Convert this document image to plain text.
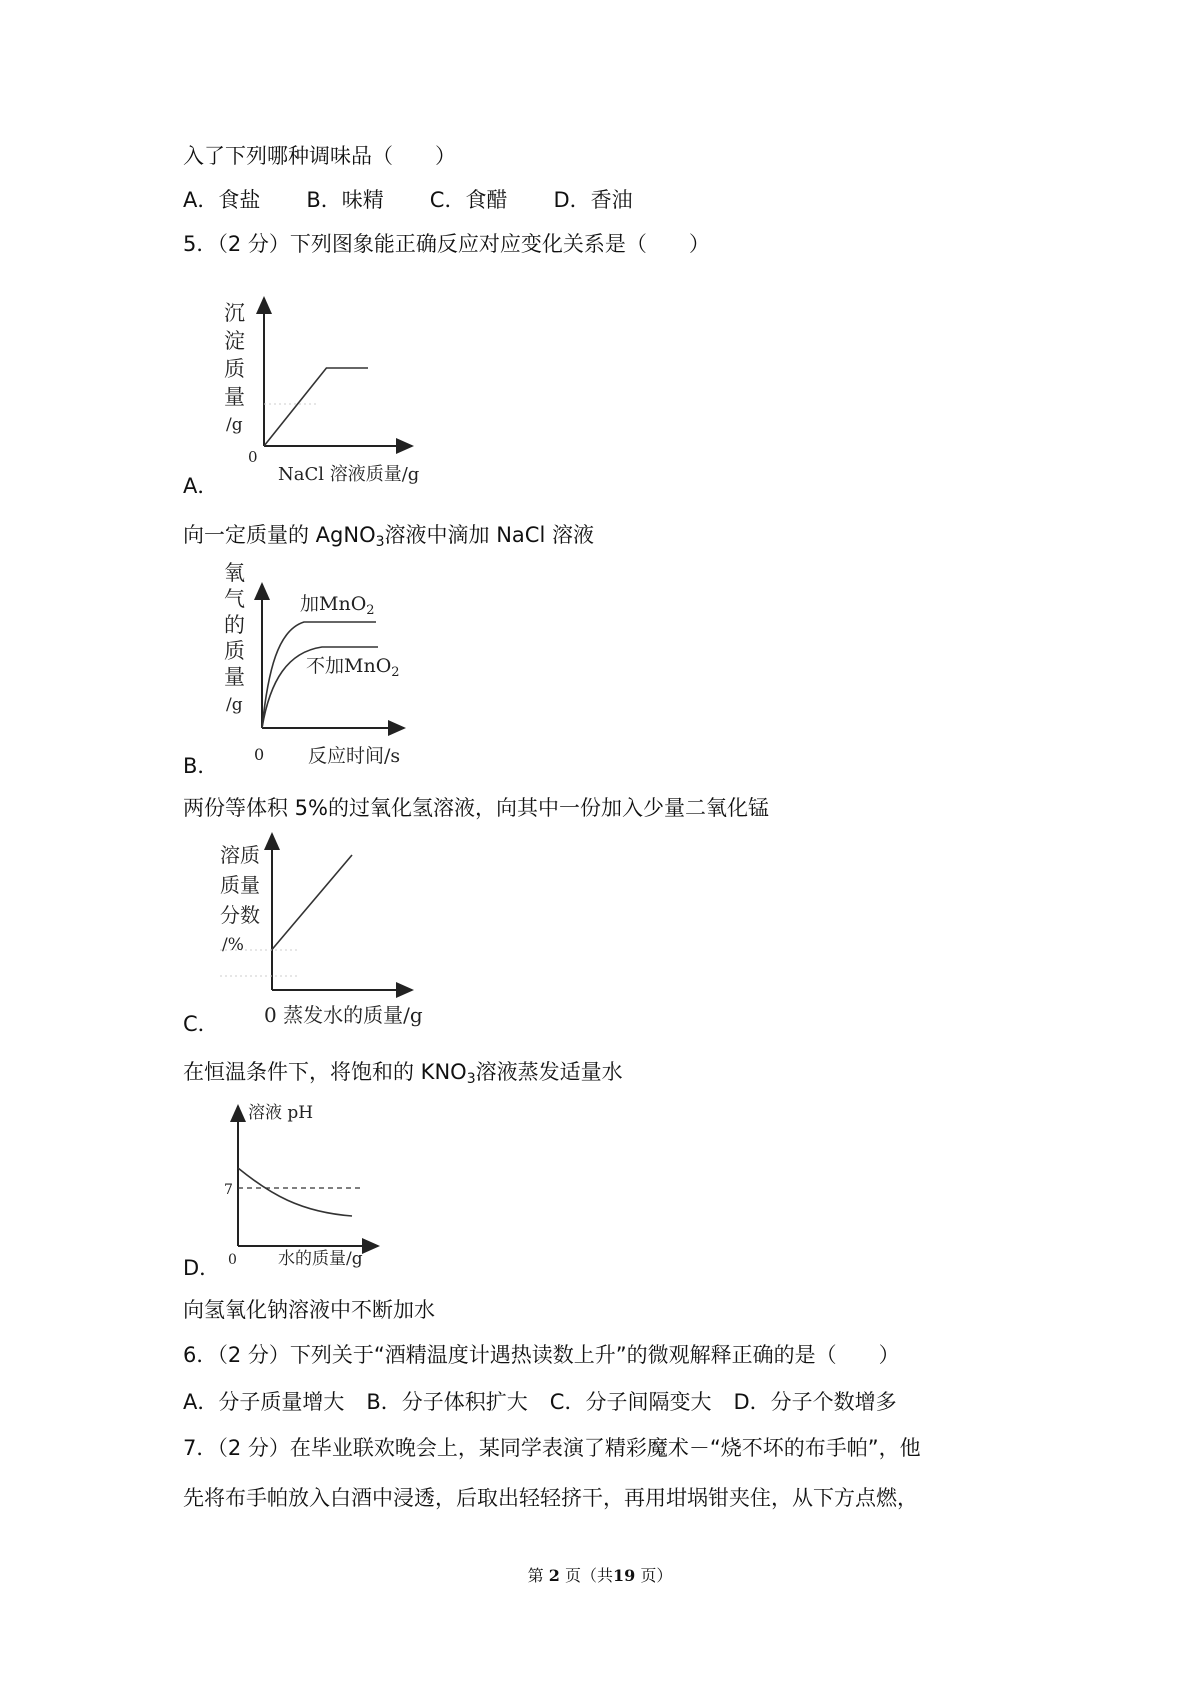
入了下列哪种调味品（　　）
A．食盐 B．味精 C．食醋 D．香油
5．（2 分）下列图象能正确反应对应变化关系是（　　）
沉
淀
质
量
/g
0
NaCl 溶液质量/g
A．
向一定质量的 AgNO$_3$溶液中滴加 NaCl 溶液
氧
气
的
质
量
/g
加MnO$_2$
不加MnO$_2$
0 反应时间/s
B．
两份等体积 5%的过氧化氢溶液，向其中一份加入少量二氧化锰
溶质
质量
分数
/%
0 蒸发水的质量/g
C．
在恒温条件下，将饱和的 $KNO_3$溶液蒸发适量水
溶液 pH
7
0 水的质量/g
D．
向氢氧化钠溶液中不断加水
6．（2 分）下列关于“酒精温度计遇热读数上升”的微观解释正确的是（　　）
A．分子质量增大 B．分子体积扩大 C．分子间隔变大 D．分子个数增多
7．（2 分）在毕业联欢晚会上，某同学表演了精彩魔术－“烧不坏的布手帕”，他
先将布手帕放入白酒中浸透，后取出轻轻挤干，再用坩埚钳夹住，从下方点燃，
第 2 页（共19 页）
